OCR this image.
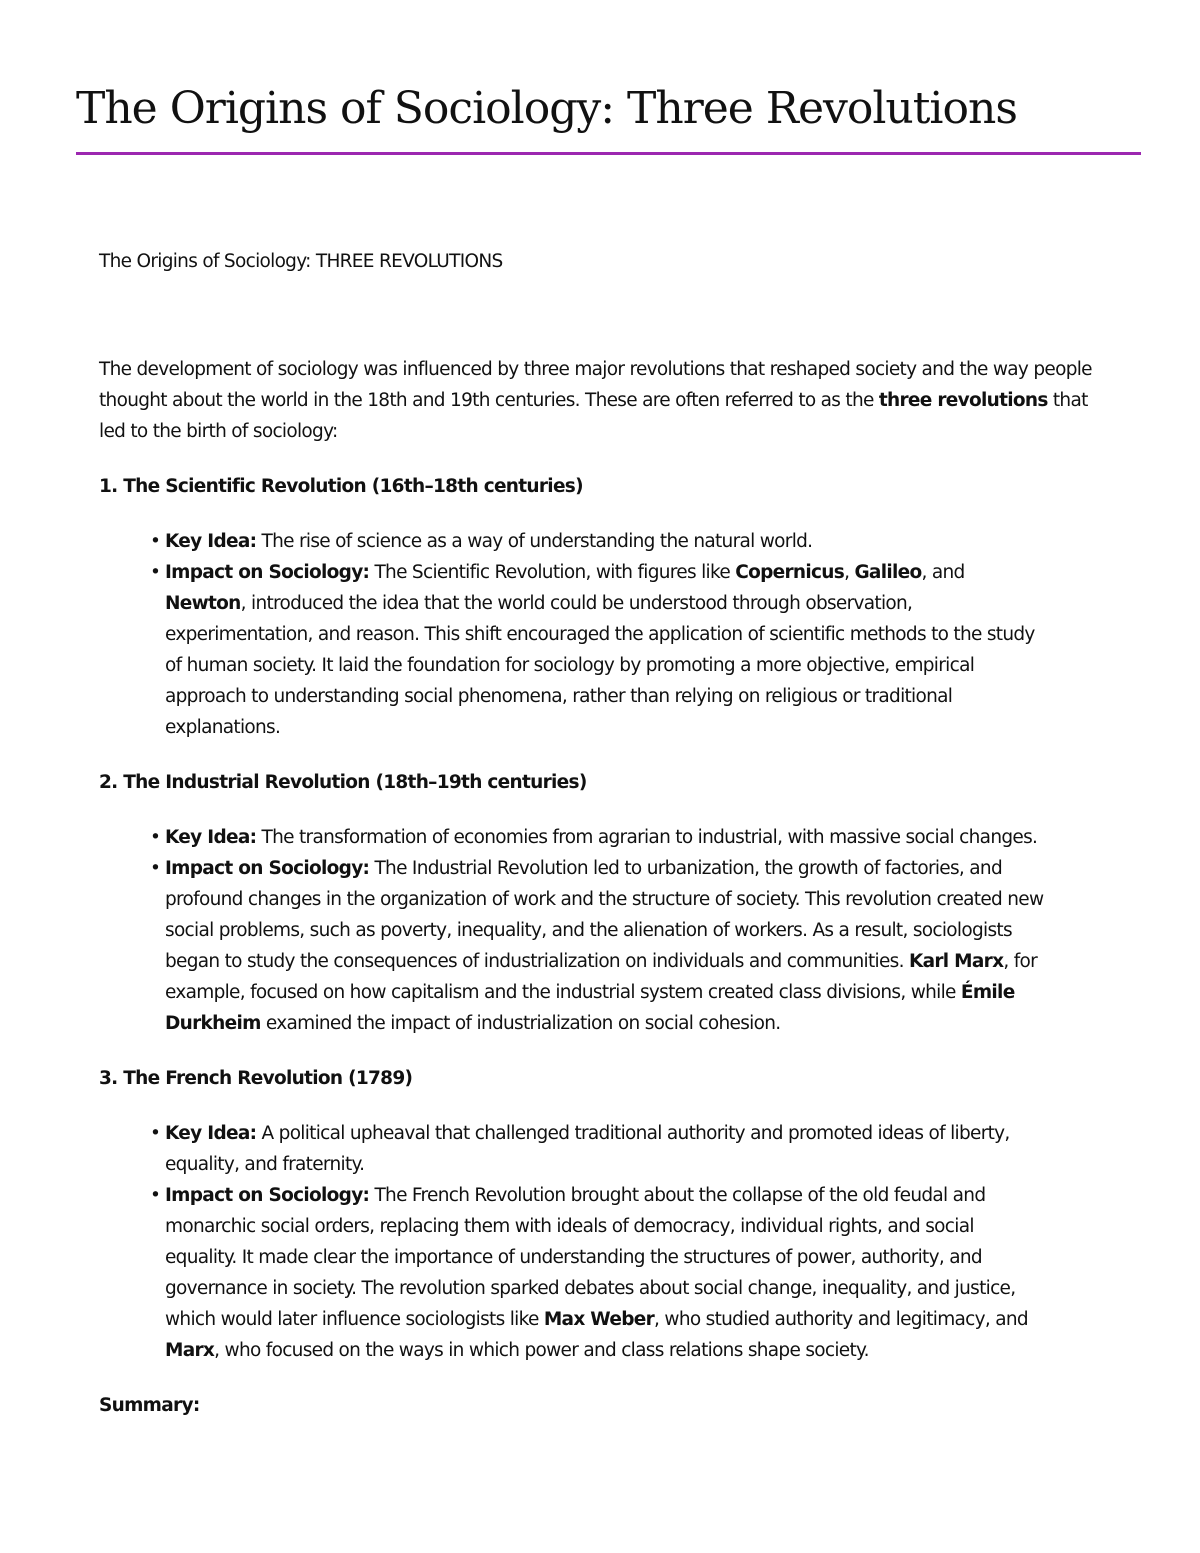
The Origins of Sociology: Three Revolutions

The Origins of Sociology: THREE REVOLUTIONS

The development of sociology was influenced by three major revolutions that reshaped society and the way people thought about the world in the 18th and 19th centuries. These are often referred to as the three revolutions that led to the birth of sociology:

1. The Scientific Revolution (16th–18th centuries)

• Key Idea: The rise of science as a way of understanding the natural world.
• Impact on Sociology: The Scientific Revolution, with figures like Copernicus, Galileo, and Newton, introduced the idea that the world could be understood through observation, experimentation, and reason. This shift encouraged the application of scientific methods to the study of human society. It laid the foundation for sociology by promoting a more objective, empirical approach to understanding social phenomena, rather than relying on religious or traditional explanations.

2. The Industrial Revolution (18th–19th centuries)

• Key Idea: The transformation of economies from agrarian to industrial, with massive social changes.
• Impact on Sociology: The Industrial Revolution led to urbanization, the growth of factories, and profound changes in the organization of work and the structure of society. This revolution created new social problems, such as poverty, inequality, and the alienation of workers. As a result, sociologists began to study the consequences of industrialization on individuals and communities. Karl Marx, for example, focused on how capitalism and the industrial system created class divisions, while Émile Durkheim examined the impact of industrialization on social cohesion.

3. The French Revolution (1789)

• Key Idea: A political upheaval that challenged traditional authority and promoted ideas of liberty, equality, and fraternity.
• Impact on Sociology: The French Revolution brought about the collapse of the old feudal and monarchic social orders, replacing them with ideals of democracy, individual rights, and social equality. It made clear the importance of understanding the structures of power, authority, and governance in society. The revolution sparked debates about social change, inequality, and justice, which would later influence sociologists like Max Weber, who studied authority and legitimacy, and Marx, who focused on the ways in which power and class relations shape society.

Summary:
